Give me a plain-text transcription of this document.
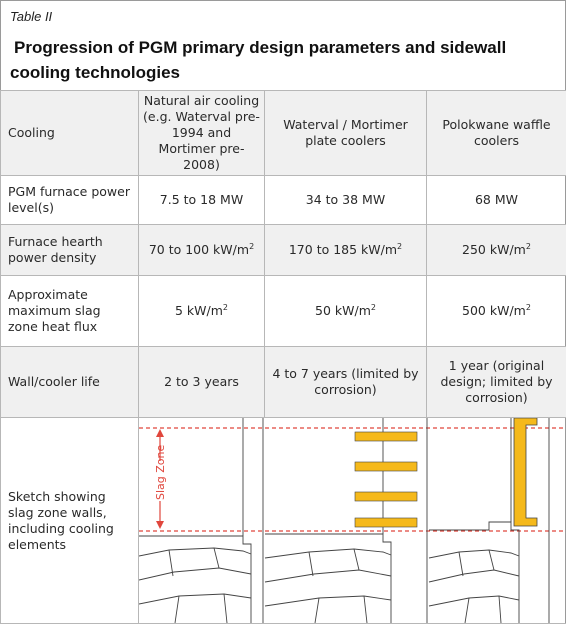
Table II
Progression of PGM primary design parameters and sidewall cooling technologies
Cooling	Natural air cooling (e.g. Waterval pre-1994 and Mortimer pre-2008)	Waterval / Mortimer plate coolers	Polokwane waffle coolers
PGM furnace power level(s)	7.5 to 18 MW	34 to 38 MW	68 MW
Furnace hearth power density	70 to 100 $kW/m^2$	170 to 185 $kW/m^2$	250 $kW/m^2$
Approximate maximum slag zone heat flux	5 $kW/m^2$	50 $kW/m^2$	500 $kW/m^2$
Wall/cooler life	2 to 3 years	4 to 7 years (limited by corrosion)	1 year (original design; limited by corrosion)
Sketch showing slag zone walls, including cooling elements	Slag Zone		
